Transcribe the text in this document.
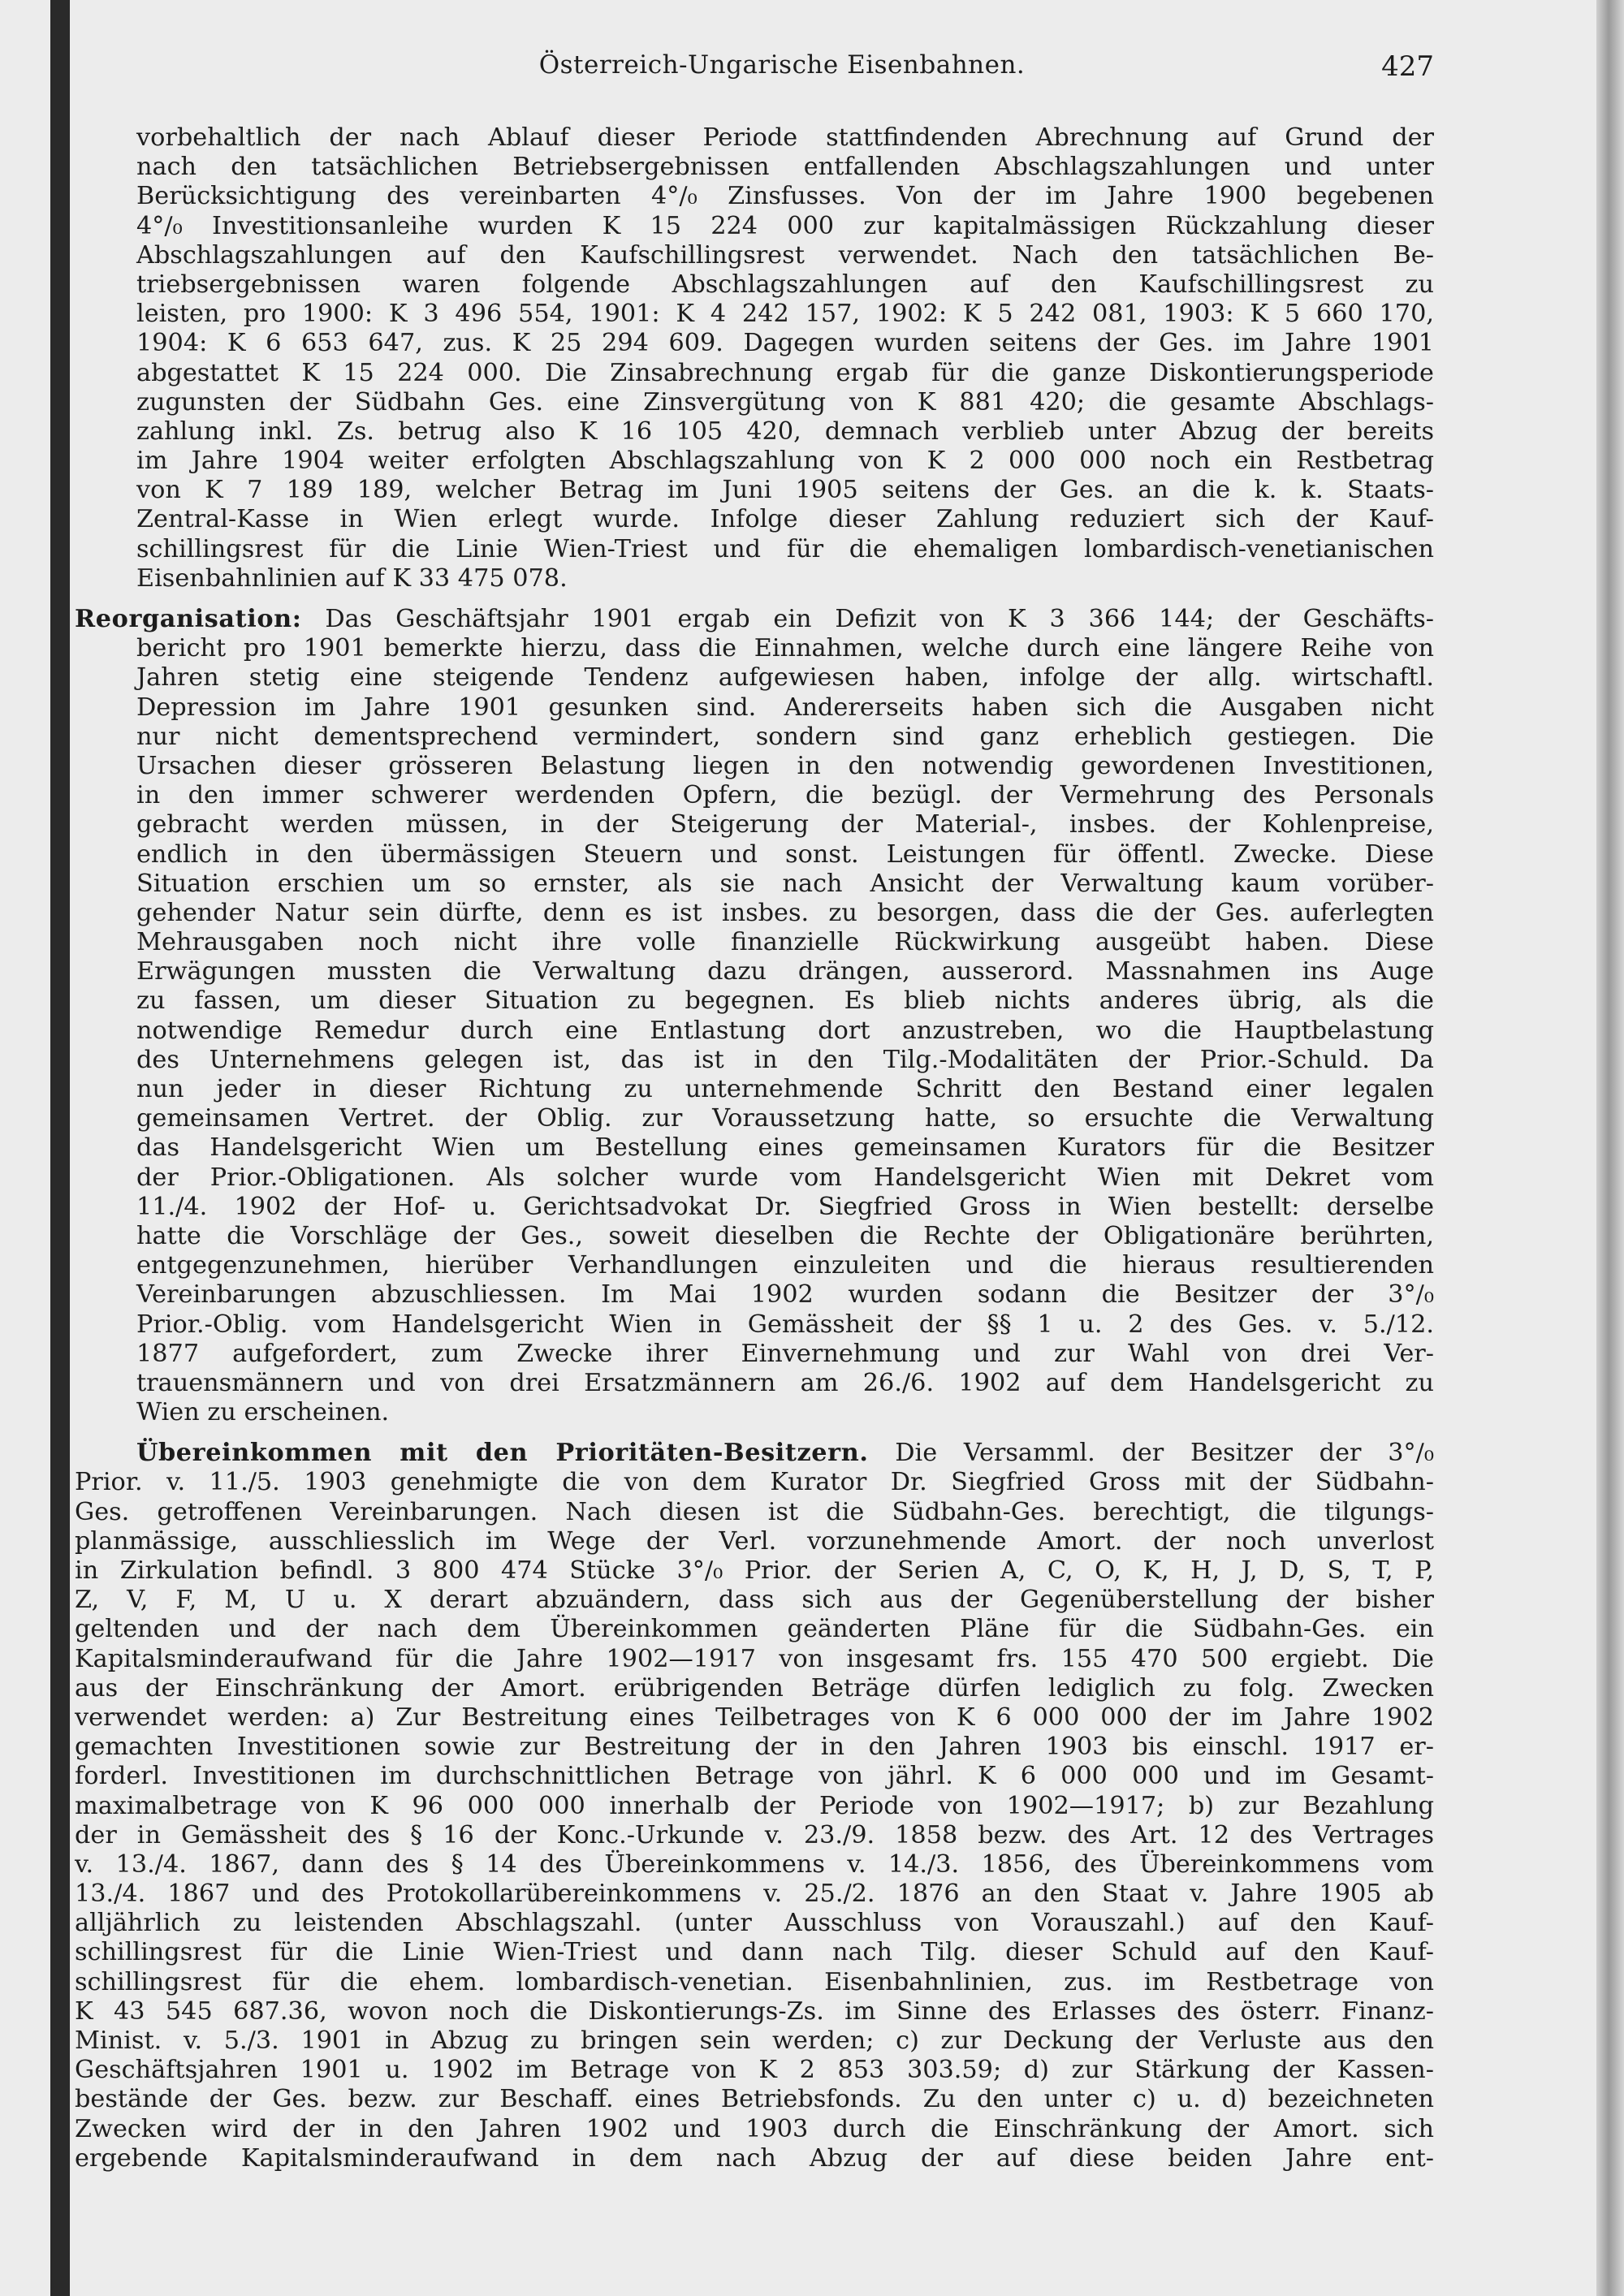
Österreich-Ungarische Eisenbahnen.	427
vorbehaltlich der nach Ablauf dieser Periode stattfindenden Abrechnung auf Grund der
nach den tatsächlichen Betriebsergebnissen entfallenden Abschlagszahlungen und unter
Berücksichtigung des vereinbarten 4°/₀ Zinsfusses. Von der im Jahre 1900 begebenen
4°/₀ Investitionsanleihe wurden K 15 224 000 zur kapitalmässigen Rückzahlung dieser
Abschlagszahlungen auf den Kaufschillingsrest verwendet. Nach den tatsächlichen Be-
triebsergebnissen waren folgende Abschlagszahlungen auf den Kaufschillingsrest zu
leisten, pro 1900: K 3 496 554, 1901: K 4 242 157, 1902: K 5 242 081, 1903: K 5 660 170,
1904: K 6 653 647, zus. K 25 294 609. Dagegen wurden seitens der Ges. im Jahre 1901
abgestattet K 15 224 000. Die Zinsabrechnung ergab für die ganze Diskontierungsperiode
zugunsten der Südbahn Ges. eine Zinsvergütung von K 881 420; die gesamte Abschlags-
zahlung inkl. Zs. betrug also K 16 105 420, demnach verblieb unter Abzug der bereits
im Jahre 1904 weiter erfolgten Abschlagszahlung von K 2 000 000 noch ein Restbetrag
von K 7 189 189, welcher Betrag im Juni 1905 seitens der Ges. an die k. k. Staats-
Zentral-Kasse in Wien erlegt wurde. Infolge dieser Zahlung reduziert sich der Kauf-
schillingsrest für die Linie Wien-Triest und für die ehemaligen lombardisch-venetianischen
Eisenbahnlinien auf K 33 475 078.
Reorganisation: Das Geschäftsjahr 1901 ergab ein Defizit von K 3 366 144; der Geschäfts-
bericht pro 1901 bemerkte hierzu, dass die Einnahmen, welche durch eine längere Reihe von
Jahren stetig eine steigende Tendenz aufgewiesen haben, infolge der allg. wirtschaftl.
Depression im Jahre 1901 gesunken sind. Andererseits haben sich die Ausgaben nicht
nur nicht dementsprechend vermindert, sondern sind ganz erheblich gestiegen. Die
Ursachen dieser grösseren Belastung liegen in den notwendig gewordenen Investitionen,
in den immer schwerer werdenden Opfern, die bezügl. der Vermehrung des Personals
gebracht werden müssen, in der Steigerung der Material-, insbes. der Kohlenpreise,
endlich in den übermässigen Steuern und sonst. Leistungen für öffentl. Zwecke. Diese
Situation erschien um so ernster, als sie nach Ansicht der Verwaltung kaum vorüber-
gehender Natur sein dürfte, denn es ist insbes. zu besorgen, dass die der Ges. auferlegten
Mehrausgaben noch nicht ihre volle finanzielle Rückwirkung ausgeübt haben. Diese
Erwägungen mussten die Verwaltung dazu drängen, ausserord. Massnahmen ins Auge
zu fassen, um dieser Situation zu begegnen. Es blieb nichts anderes übrig, als die
notwendige Remedur durch eine Entlastung dort anzustreben, wo die Hauptbelastung
des Unternehmens gelegen ist, das ist in den Tilg.-Modalitäten der Prior.-Schuld. Da
nun jeder in dieser Richtung zu unternehmende Schritt den Bestand einer legalen
gemeinsamen Vertret. der Oblig. zur Voraussetzung hatte, so ersuchte die Verwaltung
das Handelsgericht Wien um Bestellung eines gemeinsamen Kurators für die Besitzer
der Prior.-Obligationen. Als solcher wurde vom Handelsgericht Wien mit Dekret vom
11./4. 1902 der Hof- u. Gerichtsadvokat Dr. Siegfried Gross in Wien bestellt: derselbe
hatte die Vorschläge der Ges., soweit dieselben die Rechte der Obligationäre berührten,
entgegenzunehmen, hierüber Verhandlungen einzuleiten und die hieraus resultierenden
Vereinbarungen abzuschliessen. Im Mai 1902 wurden sodann die Besitzer der 3°/₀
Prior.-Oblig. vom Handelsgericht Wien in Gemässheit der §§ 1 u. 2 des Ges. v. 5./12.
1877 aufgefordert, zum Zwecke ihrer Einvernehmung und zur Wahl von drei Ver-
trauensmännern und von drei Ersatzmännern am 26./6. 1902 auf dem Handelsgericht zu
Wien zu erscheinen.
Übereinkommen mit den Prioritäten-Besitzern. Die Versamml. der Besitzer der 3°/₀
Prior. v. 11./5. 1903 genehmigte die von dem Kurator Dr. Siegfried Gross mit der Südbahn-
Ges. getroffenen Vereinbarungen. Nach diesen ist die Südbahn-Ges. berechtigt, die tilgungs-
planmässige, ausschliesslich im Wege der Verl. vorzunehmende Amort. der noch unverlost
in Zirkulation befindl. 3 800 474 Stücke 3°/₀ Prior. der Serien A, C, O, K, H, J, D, S, T, P,
Z, V, F, M, U u. X derart abzuändern, dass sich aus der Gegenüberstellung der bisher
geltenden und der nach dem Übereinkommen geänderten Pläne für die Südbahn-Ges. ein
Kapitalsminderaufwand für die Jahre 1902—1917 von insgesamt frs. 155 470 500 ergiebt. Die
aus der Einschränkung der Amort. erübrigenden Beträge dürfen lediglich zu folg. Zwecken
verwendet werden: a) Zur Bestreitung eines Teilbetrages von K 6 000 000 der im Jahre 1902
gemachten Investitionen sowie zur Bestreitung der in den Jahren 1903 bis einschl. 1917 er-
forderl. Investitionen im durchschnittlichen Betrage von jährl. K 6 000 000 und im Gesamt-
maximalbetrage von K 96 000 000 innerhalb der Periode von 1902—1917; b) zur Bezahlung
der in Gemässheit des § 16 der Konc.-Urkunde v. 23./9. 1858 bezw. des Art. 12 des Vertrages
v. 13./4. 1867, dann des § 14 des Übereinkommens v. 14./3. 1856, des Übereinkommens vom
13./4. 1867 und des Protokollarübereinkommens v. 25./2. 1876 an den Staat v. Jahre 1905 ab
alljährlich zu leistenden Abschlagszahl. (unter Ausschluss von Vorauszahl.) auf den Kauf-
schillingsrest für die Linie Wien-Triest und dann nach Tilg. dieser Schuld auf den Kauf-
schillingsrest für die ehem. lombardisch-venetian. Eisenbahnlinien, zus. im Restbetrage von
K 43 545 687.36, wovon noch die Diskontierungs-Zs. im Sinne des Erlasses des österr. Finanz-
Minist. v. 5./3. 1901 in Abzug zu bringen sein werden; c) zur Deckung der Verluste aus den
Geschäftsjahren 1901 u. 1902 im Betrage von K 2 853 303.59; d) zur Stärkung der Kassen-
bestände der Ges. bezw. zur Beschaff. eines Betriebsfonds. Zu den unter c) u. d) bezeichneten
Zwecken wird der in den Jahren 1902 und 1903 durch die Einschränkung der Amort. sich
ergebende Kapitalsminderaufwand in dem nach Abzug der auf diese beiden Jahre ent-
